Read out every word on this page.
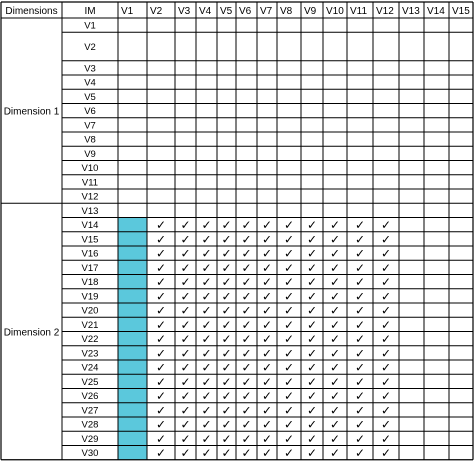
Dimensions	IM	V1 V2 V3 V4 V5 V6 V7 V8 V9 V10 V11 V12 V13 V14 V15
Dimension 1
Dimension 2
V1
V2
V3
V4
V5
V6
V7
V8
V9
V10
V11
V12
V13
V14
V15
V16
V17
V18
V19
V20
V21
V22
V23
V24
V25
V26
V27
V28
V29
V30
✓ ✓ ✓ ✓ ✓ ✓ ✓ ✓ ✓ ✓ ✓
✓ ✓ ✓ ✓ ✓ ✓ ✓ ✓ ✓ ✓ ✓
✓ ✓ ✓ ✓ ✓ ✓ ✓ ✓ ✓ ✓ ✓
✓ ✓ ✓ ✓ ✓ ✓ ✓ ✓ ✓ ✓ ✓
✓ ✓ ✓ ✓ ✓ ✓ ✓ ✓ ✓ ✓ ✓
✓ ✓ ✓ ✓ ✓ ✓ ✓ ✓ ✓ ✓ ✓
✓ ✓ ✓ ✓ ✓ ✓ ✓ ✓ ✓ ✓ ✓
✓ ✓ ✓ ✓ ✓ ✓ ✓ ✓ ✓ ✓ ✓
✓ ✓ ✓ ✓ ✓ ✓ ✓ ✓ ✓ ✓ ✓
✓ ✓ ✓ ✓ ✓ ✓ ✓ ✓ ✓ ✓ ✓
✓ ✓ ✓ ✓ ✓ ✓ ✓ ✓ ✓ ✓ ✓
✓ ✓ ✓ ✓ ✓ ✓ ✓ ✓ ✓ ✓ ✓
✓ ✓ ✓ ✓ ✓ ✓ ✓ ✓ ✓ ✓ ✓
✓ ✓ ✓ ✓ ✓ ✓ ✓ ✓ ✓ ✓ ✓
✓ ✓ ✓ ✓ ✓ ✓ ✓ ✓ ✓ ✓ ✓
✓ ✓ ✓ ✓ ✓ ✓ ✓ ✓ ✓ ✓ ✓
✓ ✓ ✓ ✓ ✓ ✓ ✓ ✓ ✓ ✓ ✓
